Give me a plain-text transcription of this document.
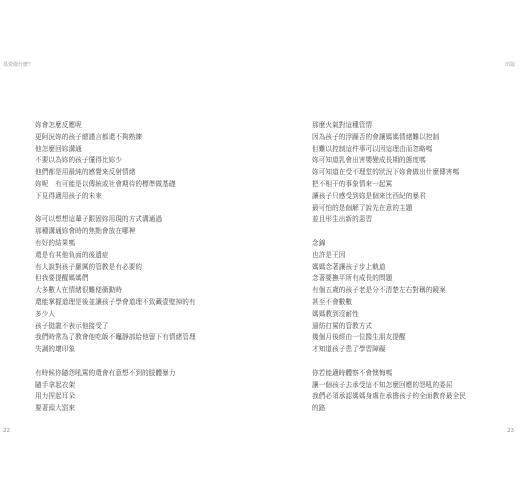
爲愛做什麼？
妳會怎麼反應呢
更阿況妳的孩子總謹言都還不夠熟練
他怎麼回妳溝通
不要以為妳的孩子懂得比妳少
他們都是用最純的感覺來反射情緒
妳呢　有可能是以傳統或社會期待的標準做基礎
下見得適用孩子的未來
妳可以想想這輩子跟固妳用現的方式溝通過
那種溝通妳會時的焦點會放在哪裡
有好的結果嗎
還是有其他負面的後遺症
有人說對孩子嚴厲的管教是有必要的
但我要提醒媽媽們
大多數人在情緒很難便衝動時
還能掌握道理是後並讓孩子學會道理不致藏壹壁掉的有
多少人
孩子挺龍不表示他接受了
我們時常為了教會他吃飯不竈靜部給他留下有情緒管理
失調的壞印象
有時候你隨怨吼罵的還會有意想不到的肢體暴力
隨手拿起衣架
用力捏起耳朵
要著頭大罰來
22
出版
那麼火氣對這種管情
因為孩子的浮躁否的會讓媽媽情緒難以控制
但難以控制這件事可以因這理由而忽略嗎
妳可知道乳會出害嬰變成長期的態度嗎
妳可知道在受不理堂的狀況下妳會做出什麼傳害嗎
把不相干的事象情來一起罵
讓孩子只感受到妳是個來比西紀的暴君
最可怕的是個解了說先在意的主題
並且形生出新的惡習
念錦
也許是王因
媽媽念著讓孩子步上軌道
念著要撫平所有成長的問題
有個五歲的孩子老是分不清楚左右對稱的鏡案
甚至不會數數
媽媽教到沒耐性
逼紡打罵的管教方式
幾個月後經由一位醫生朋友提醒
才知道孩子患了學習障礙
你若能適時體察不會懊悔嗎
讓一個孩子去承受這不知怎麼回應的怨吼的委屈
我們必須承認媽媽身處在承擔孩子的全面教育最全民
的路
23
